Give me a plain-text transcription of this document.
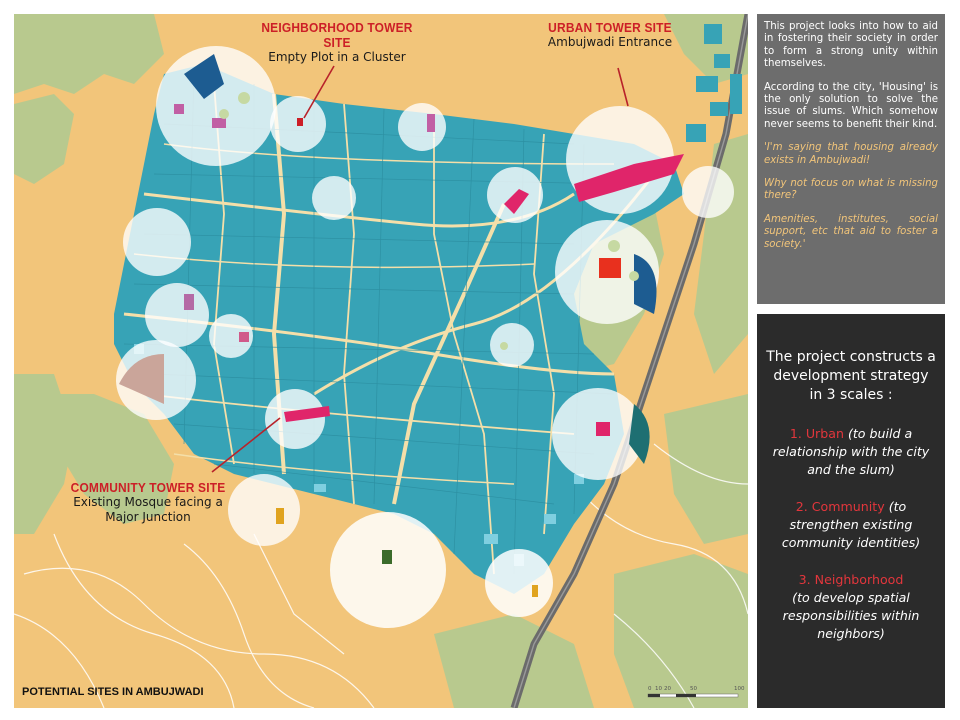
NEIGHBORHOOD TOWER SITE
Empty Plot in a Cluster
URBAN TOWER SITE
Ambujwadi Entrance
COMMUNITY TOWER SITE
Existing Mosque facing a
Major Junction
POTENTIAL SITES IN AMBUJWADI	0 10 20	50	100

This project looks into how to aid in fostering their society in order to form a strong unity within themselves.

According to the city, 'Housing' is the only solution to solve the issue of slums. Which somehow never seems to benefit their kind.

'I'm saying that housing already exists in Ambujwadi!

Why not focus on what is missing there?

Amenities, institutes, social support, etc that aid to foster a society.'

The project constructs a development strategy in 3 scales :

1. Urban (to build a relationship with the city and the slum)

2. Community (to strengthen existing community identities)

3. Neighborhood
(to develop spatial responsibilities within neighbors)
